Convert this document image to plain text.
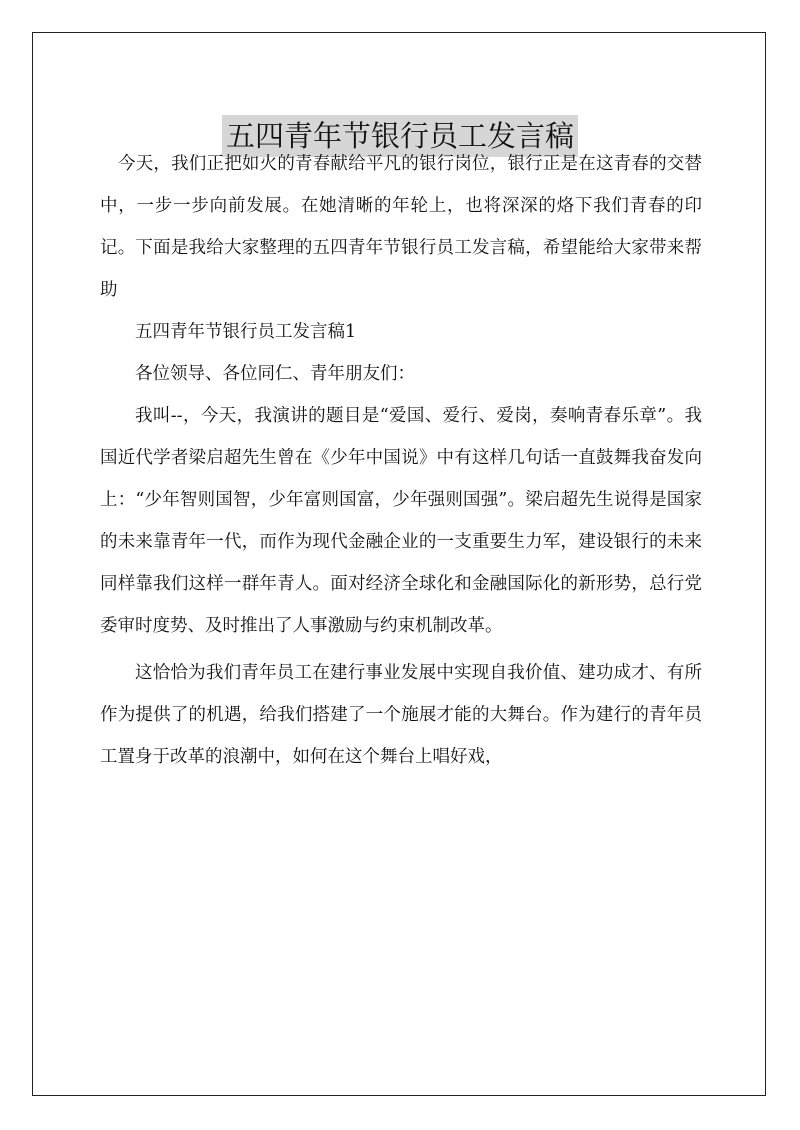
五四青年节银行员工发言稿

今天，我们正把如火的青春献给平凡的银行岗位，银行正是在这青春的交替中，一步一步向前发展。在她清晰的年轮上，也将深深的烙下我们青春的印记。下面是我给大家整理的五四青年节银行员工发言稿，希望能给大家带来帮助

五四青年节银行员工发言稿1

各位领导、各位同仁、青年朋友们：

我叫--，今天，我演讲的题目是“爱国、爱行、爱岗，奏响青春乐章”。我国近代学者梁启超先生曾在《少年中国说》中有这样几句话一直鼓舞我奋发向上：“少年智则国智，少年富则国富，少年强则国强”。梁启超先生说得是国家的未来靠青年一代，而作为现代金融企业的一支重要生力军，建设银行的未来同样靠我们这样一群年青人。面对经济全球化和金融国际化的新形势，总行党委审时度势、及时推出了人事激励与约束机制改革。

这恰恰为我们青年员工在建行事业发展中实现自我价值、建功成才、有所作为提供了的机遇，给我们搭建了一个施展才能的大舞台。作为建行的青年员工置身于改革的浪潮中，如何在这个舞台上唱好戏，
